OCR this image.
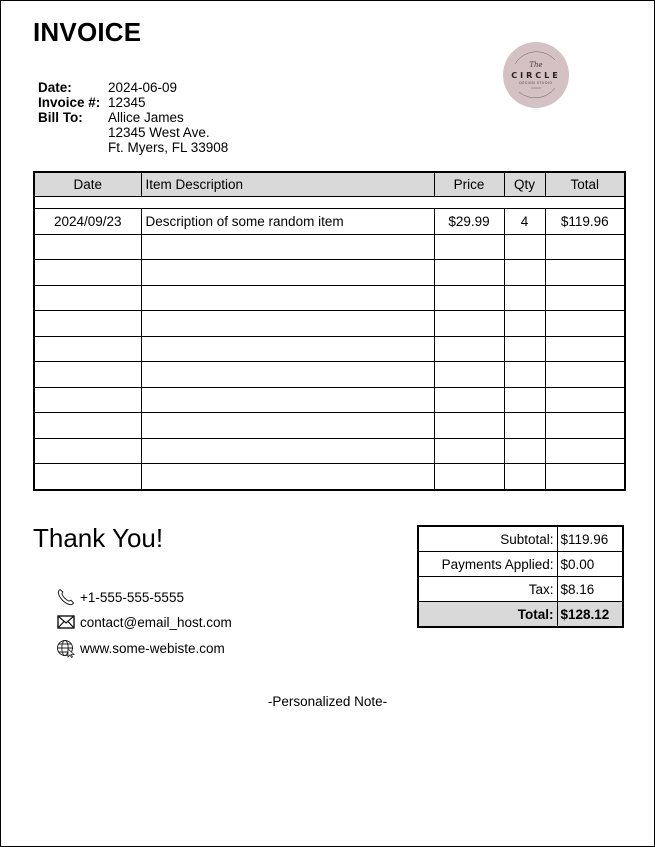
INVOICE
The
CIRCLE
DESIGN STUDIO
Date:	2024-06-09
Invoice #: 12345
Bill To:	Allice James
12345 West Ave.
Ft. Myers, FL 33908
Date	Item Description	Price	Qty	Total

2024/09/23	Description of some random item	$29.99	4	$119.96

Thank You!
+1-555-555-5555
contact@email_host.com
www.some-webiste.com
Subtotal:	$119.96
Payments Applied:	$0.00
Tax:	$8.16
Total:	$128.12
-Personalized Note-
